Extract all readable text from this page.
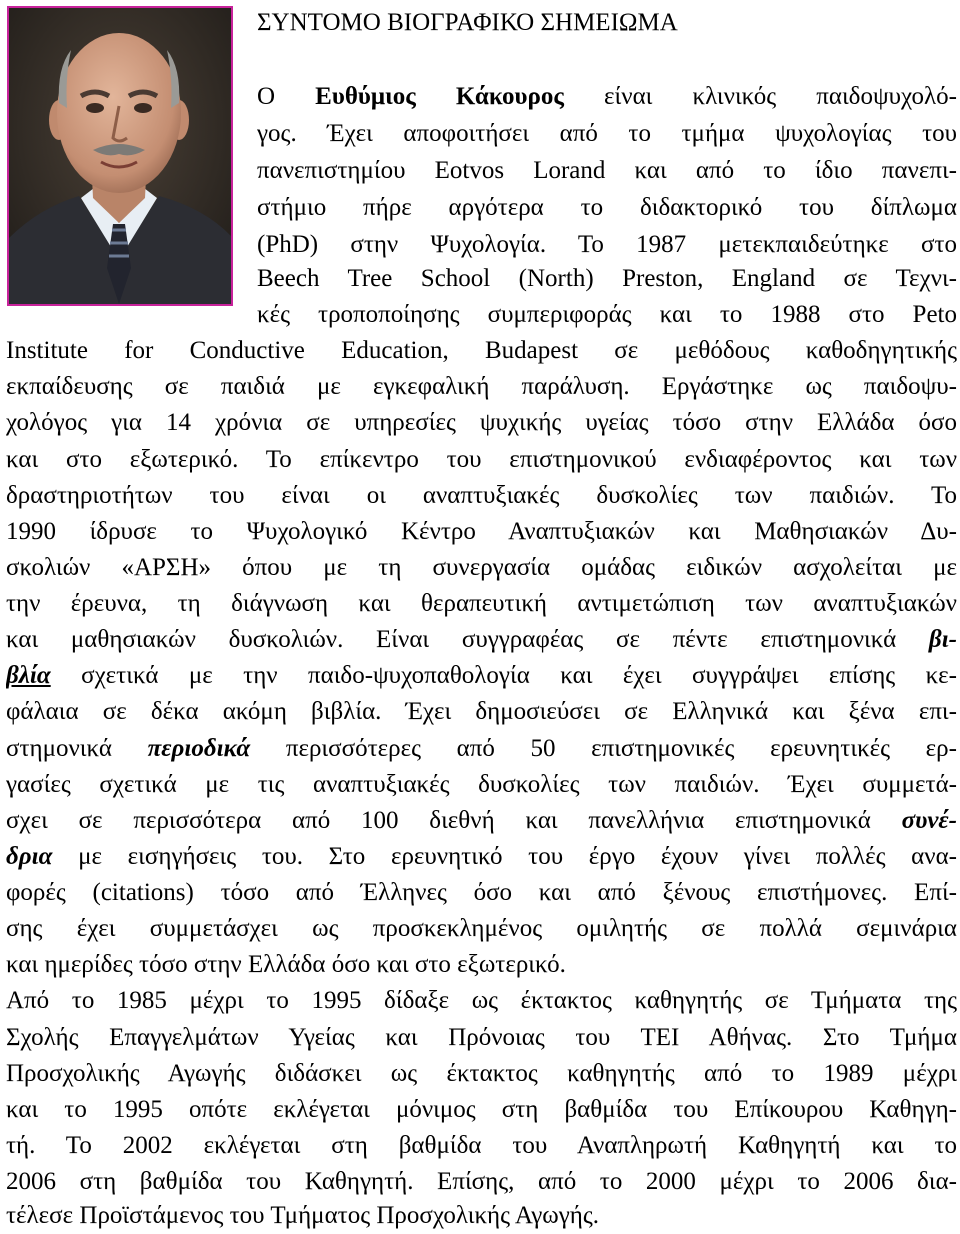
ΣΥΝΤΟΜΟ ΒΙΟΓΡΑΦΙΚΟ ΣΗΜΕΙΩΜΑ
Ο Ευθύμιος Κάκουρος είναι κλινικός παιδοψυχολό-
γος. Έχει αποφοιτήσει από το τμήμα ψυχολογίας του
πανεπιστημίου Eotvos Lorand και από το ίδιο πανεπι-
στήμιο πήρε αργότερα το διδακτορικό του δίπλωμα
(PhD) στην Ψυχολογία. Το 1987 μετεκπαιδεύτηκε στο
Beech Tree School (North) Preston, England σε Τεχνι-
κές τροποποίησης συμπεριφοράς και το 1988 στο Peto
Institute for Conductive Education, Budapest σε μεθόδους καθοδηγητικής
εκπαίδευσης σε παιδιά με εγκεφαλική παράλυση. Εργάστηκε ως παιδοψυ-
χολόγος για 14 χρόνια σε υπηρεσίες ψυχικής υγείας τόσο στην Ελλάδα όσο
και στο εξωτερικό. Το επίκεντρο του επιστημονικού ενδιαφέροντος και των
δραστηριοτήτων του είναι οι αναπτυξιακές δυσκολίες των παιδιών. Το
1990 ίδρυσε το Ψυχολογικό Κέντρο Αναπτυξιακών και Μαθησιακών Δυ-
σκολιών «ΑΡΣΗ» όπου με τη συνεργασία ομάδας ειδικών ασχολείται με
την έρευνα, τη διάγνωση και θεραπευτική αντιμετώπιση των αναπτυξιακών
και μαθησιακών δυσκολιών. Είναι συγγραφέας σε πέντε επιστημονικά βι-
βλία σχετικά με την παιδο-ψυχοπαθολογία και έχει συγγράψει επίσης κε-
φάλαια σε δέκα ακόμη βιβλία. Έχει δημοσιεύσει σε Ελληνικά και ξένα επι-
στημονικά περιοδικά περισσότερες από 50 επιστημονικές ερευνητικές ερ-
γασίες σχετικά με τις αναπτυξιακές δυσκολίες των παιδιών. Έχει συμμετά-
σχει σε περισσότερα από 100 διεθνή και πανελλήνια επιστημονικά συνέ-
δρια με εισηγήσεις του. Στο ερευνητικό του έργο έχουν γίνει πολλές ανα-
φορές (citations) τόσο από Έλληνες όσο και από ξένους επιστήμονες. Επί-
σης έχει συμμετάσχει ως προσκεκλημένος ομιλητής σε πολλά σεμινάρια
και ημερίδες τόσο στην Ελλάδα όσο και στο εξωτερικό.
Από το 1985 μέχρι το 1995 δίδαξε ως έκτακτος καθηγητής σε Τμήματα της
Σχολής Επαγγελμάτων Υγείας και Πρόνοιας του ΤΕΙ Αθήνας. Στο Τμήμα
Προσχολικής Αγωγής διδάσκει ως έκτακτος καθηγητής από το 1989 μέχρι
και το 1995 οπότε εκλέγεται μόνιμος στη βαθμίδα του Επίκουρου Καθηγη-
τή. Το 2002 εκλέγεται στη βαθμίδα του Αναπληρωτή Καθηγητή και το
2006 στη βαθμίδα του Καθηγητή. Επίσης, από το 2000 μέχρι το 2006 δια-
τέλεσε Προϊστάμενος του Τμήματος Προσχολικής Αγωγής.
